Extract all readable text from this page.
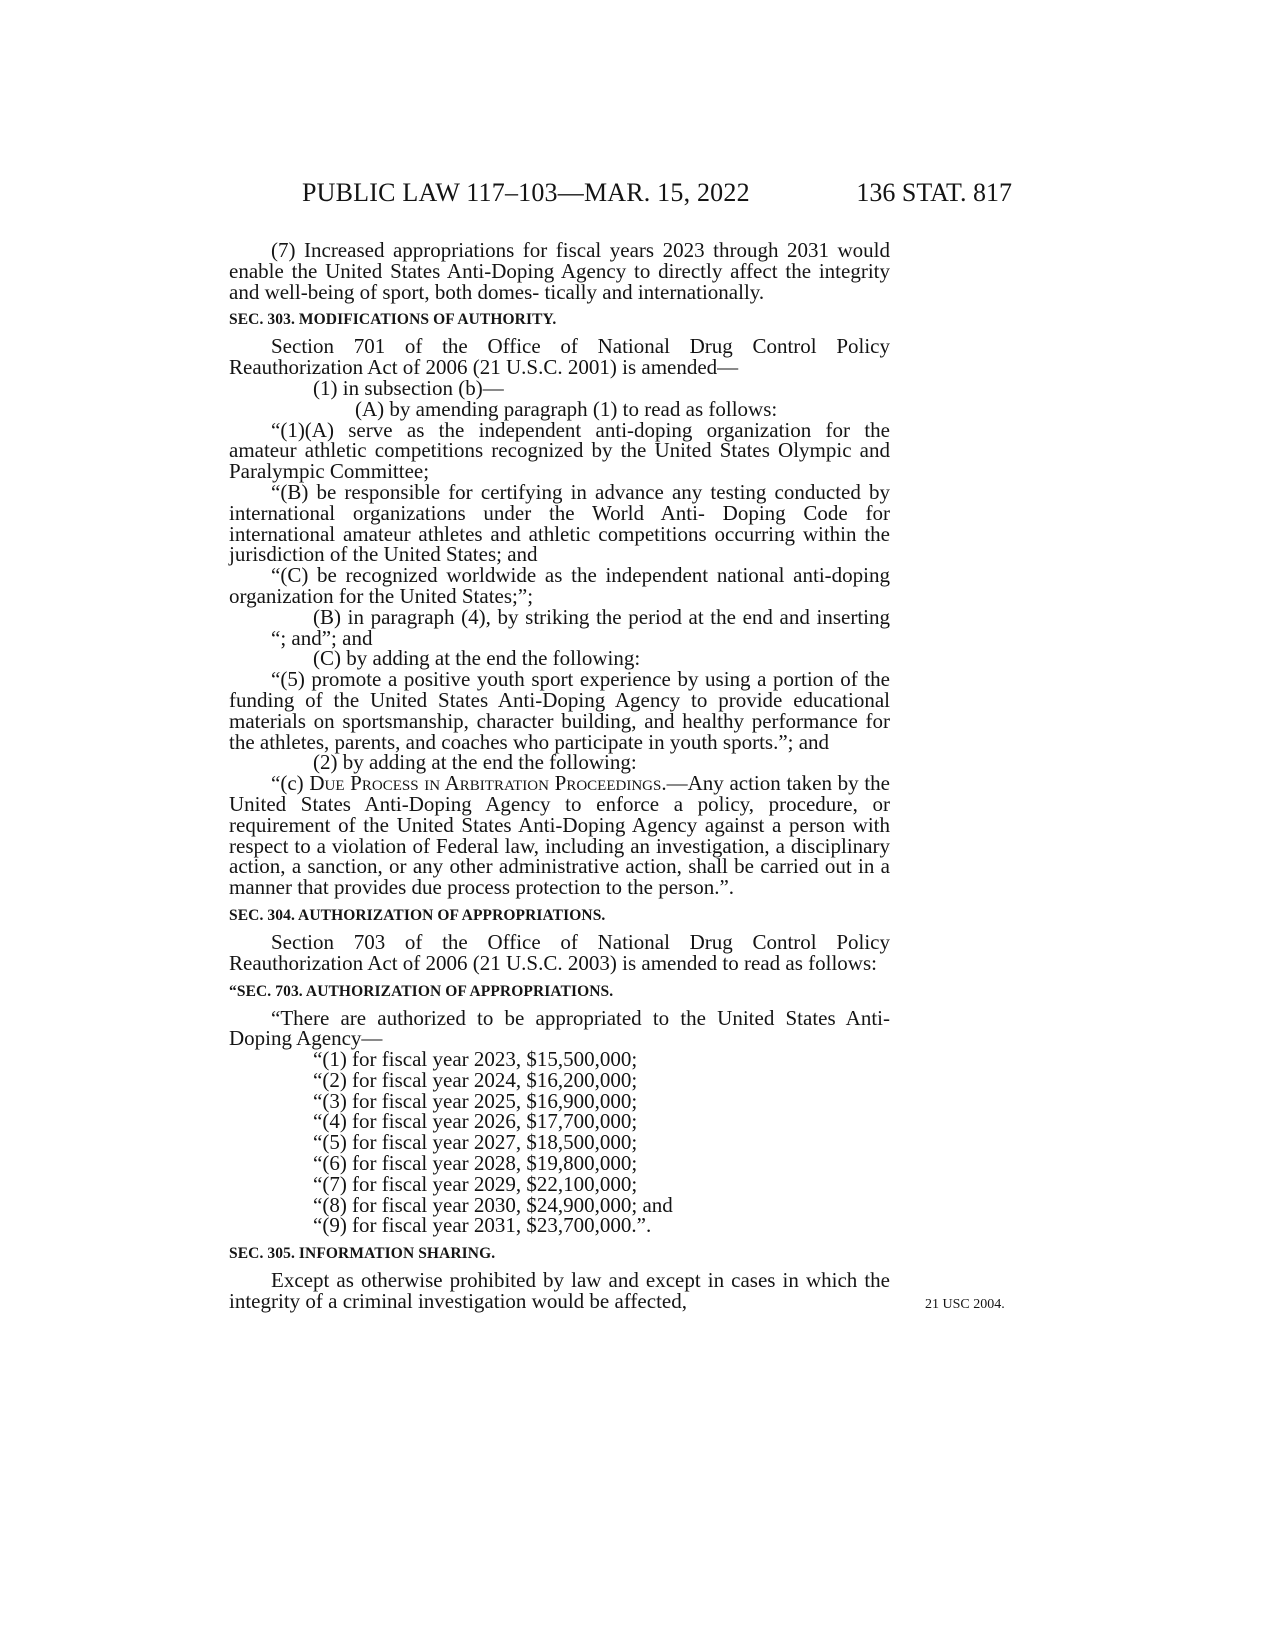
PUBLIC LAW 117–103—MAR. 15, 2022	136 STAT. 817

(7) Increased appropriations for fiscal years 2023 through 2031 would enable the United States Anti-Doping Agency to directly affect the integrity and well-being of sport, both domes- tically and internationally.

SEC. 303. MODIFICATIONS OF AUTHORITY.

Section 701 of the Office of National Drug Control Policy Reauthorization Act of 2006 (21 U.S.C. 2001) is amended—

(1) in subsection (b)—

(A) by amending paragraph (1) to read as follows:

“(1)(A) serve as the independent anti-doping organization for the amateur athletic competitions recognized by the United States Olympic and Paralympic Committee;

“(B) be responsible for certifying in advance any testing conducted by international organizations under the World Anti- Doping Code for international amateur athletes and athletic competitions occurring within the jurisdiction of the United States; and

“(C) be recognized worldwide as the independent national anti-doping organization for the United States;”;

(B) in paragraph (4), by striking the period at the end and inserting “; and”; and

(C) by adding at the end the following:

“(5) promote a positive youth sport experience by using a portion of the funding of the United States Anti-Doping Agency to provide educational materials on sportsmanship, character building, and healthy performance for the athletes, parents, and coaches who participate in youth sports.”; and

(2) by adding at the end the following:

“(c) Due Process in Arbitration Proceedings.—Any action taken by the United States Anti-Doping Agency to enforce a policy, procedure, or requirement of the United States Anti-Doping Agency against a person with respect to a violation of Federal law, including an investigation, a disciplinary action, a sanction, or any other administrative action, shall be carried out in a manner that provides due process protection to the person.”.

SEC. 304. AUTHORIZATION OF APPROPRIATIONS.

Section 703 of the Office of National Drug Control Policy Reauthorization Act of 2006 (21 U.S.C. 2003) is amended to read as follows:

“SEC. 703. AUTHORIZATION OF APPROPRIATIONS.

“There are authorized to be appropriated to the United States Anti-Doping Agency—

“(1) for fiscal year 2023, $15,500,000;

“(2) for fiscal year 2024, $16,200,000;

“(3) for fiscal year 2025, $16,900,000;

“(4) for fiscal year 2026, $17,700,000;

“(5) for fiscal year 2027, $18,500,000;

“(6) for fiscal year 2028, $19,800,000;

“(7) for fiscal year 2029, $22,100,000;

“(8) for fiscal year 2030, $24,900,000; and

“(9) for fiscal year 2031, $23,700,000.”.

SEC. 305. INFORMATION SHARING.

Except as otherwise prohibited by law and except in cases in which the integrity of a criminal investigation would be affected,	21 USC 2004.
